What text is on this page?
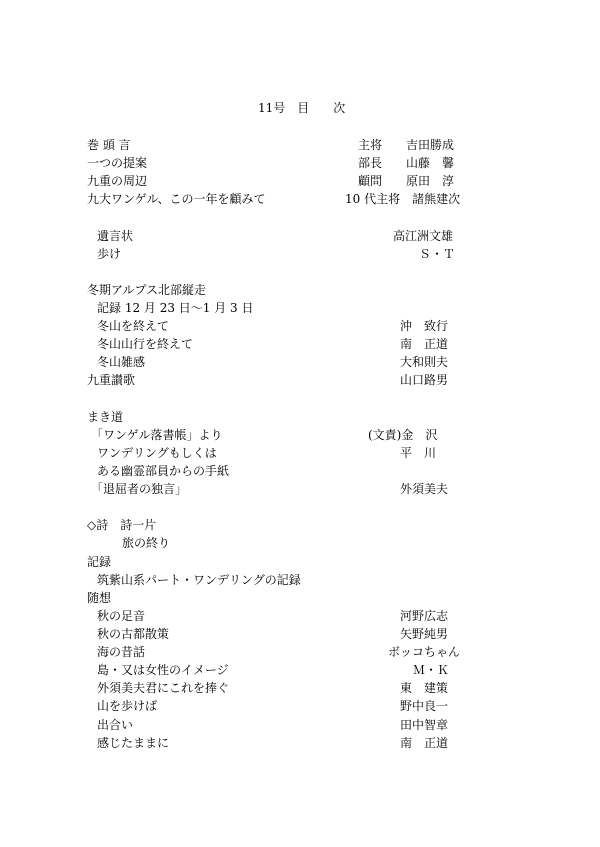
11号　目　　次
巻 頭 言	主将　　吉田勝成
一つの提案	部長　　山藤　馨
九重の周辺	顧問　　原田　淳
九大ワンゲル、この一年を顧みて	10 代主将　諸熊建次
遺言状	高江洲文雄
歩け	Ｓ・Ｔ
冬期アルプス北部縦走
記録 12 月 23 日～1 月 3 日
冬山を終えて	沖　致行
冬山山行を終えて	南　正道
冬山雑感	大和則夫
九重讃歌	山口路男
まき道
「ワンゲル落書帳」より	(文責)金　沢
ワンデリングもしくは	平　川
ある幽霊部員からの手紙
「退屈者の独言」	外須美夫
◇詩　詩一片
旅の終り
記録
筑紫山系パート・ワンデリングの記録
随想
秋の足音	河野広志
秋の古都散策	矢野純男
海の昔話	ボッコちゃん
島・又は女性のイメージ	Ｍ・Ｋ
外須美夫君にこれを捧ぐ	東　建策
山を歩けば	野中良一
出合い	田中智章
感じたままに	南　正道
